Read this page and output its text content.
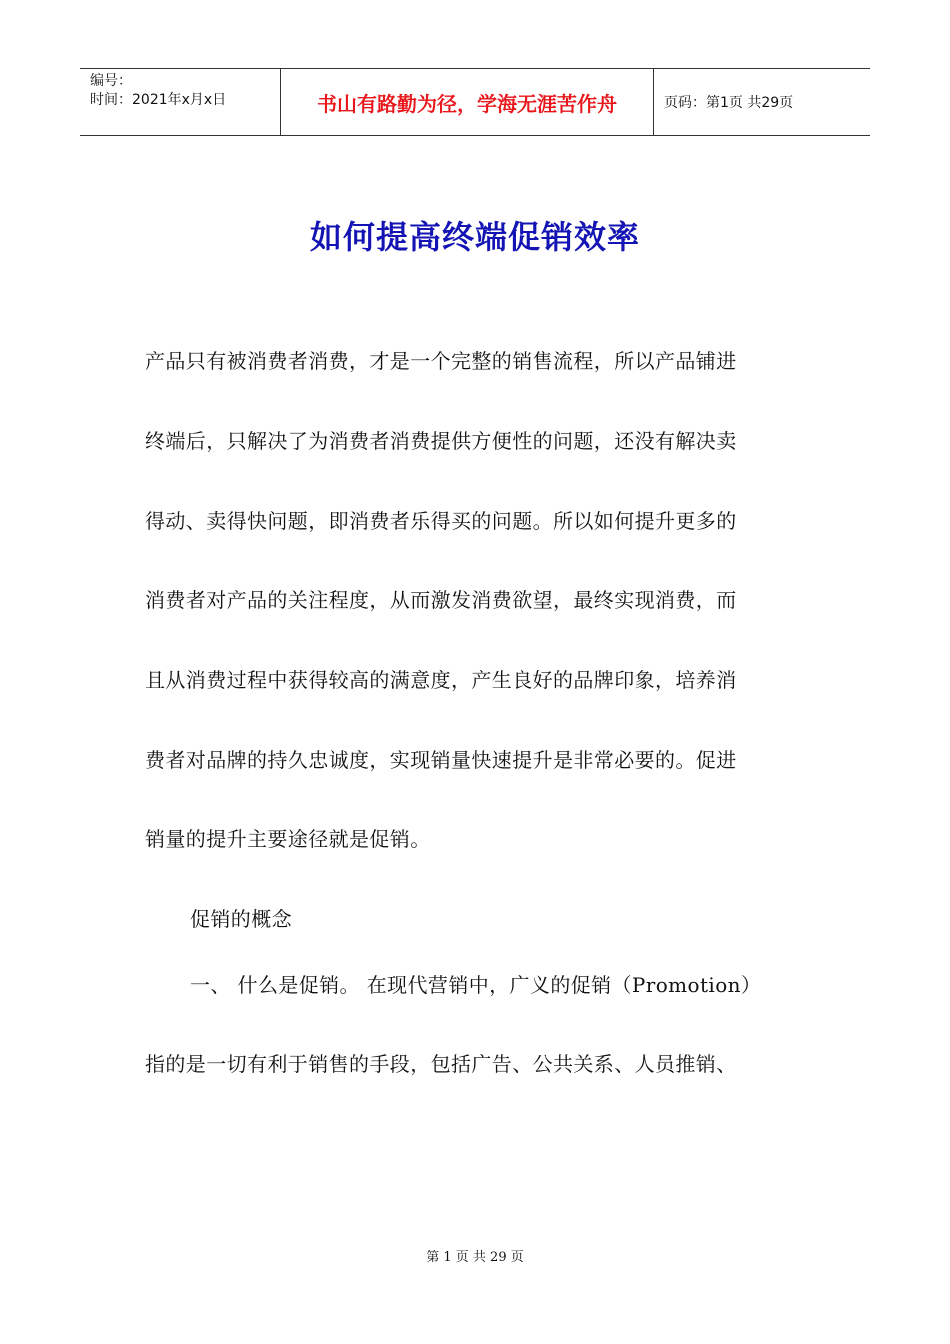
编号：
时间：2021年x月x日	书山有路勤为径，学海无涯苦作舟	页码：第1页 共29页
如何提高终端促销效率
产品只有被消费者消费，才是一个完整的销售流程，所以产品铺进
终端后，只解决了为消费者消费提供方便性的问题，还没有解决卖
得动、卖得快问题，即消费者乐得买的问题。所以如何提升更多的
消费者对产品的关注程度，从而激发消费欲望，最终实现消费，而
且从消费过程中获得较高的满意度，产生良好的品牌印象，培养消
费者对品牌的持久忠诚度，实现销量快速提升是非常必要的。促进
销量的提升主要途径就是促销。
促销的概念
一、 什么是促销。 在现代营销中，广义的促销（Promotion）
指的是一切有利于销售的手段，包括广告、公共关系、人员推销、
第 1 页 共 29 页
